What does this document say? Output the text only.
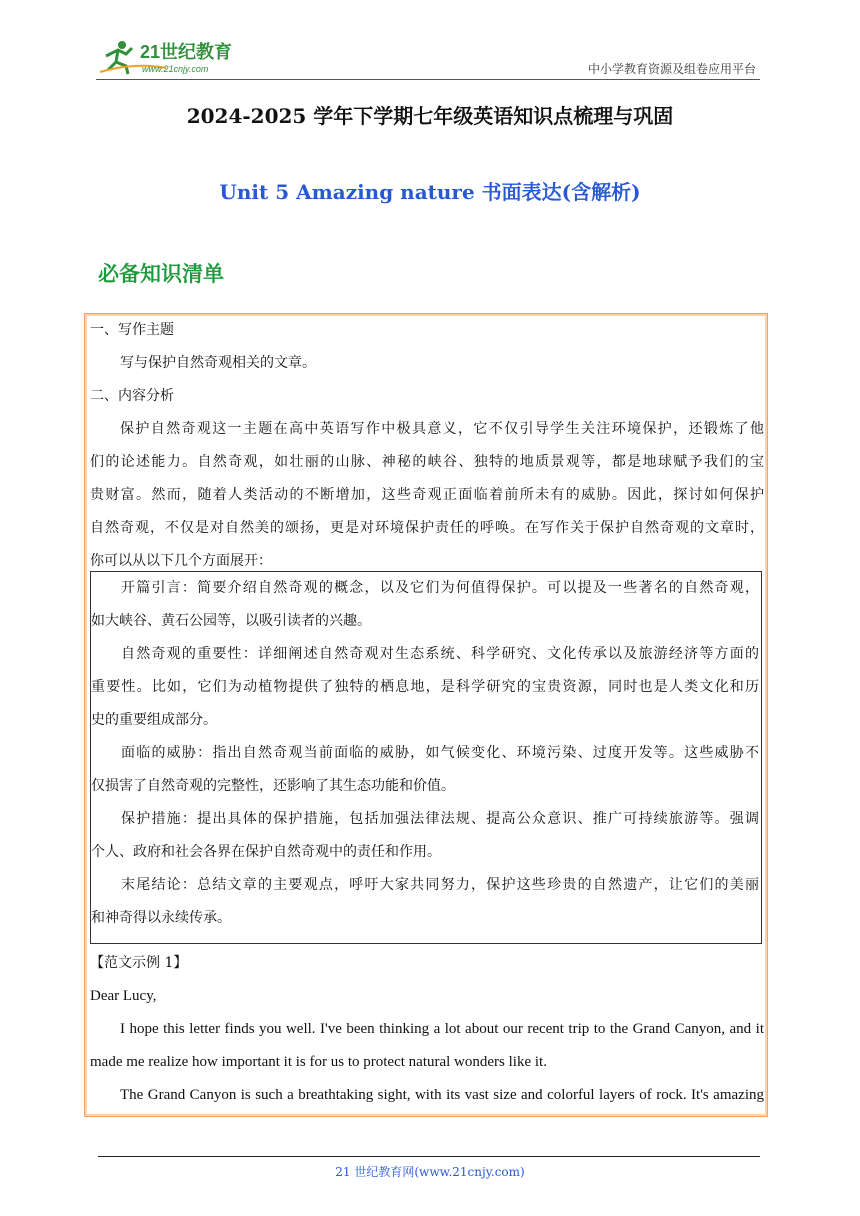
21世纪教育
www.21cnjy.com	中小学教育资源及组卷应用平台
2024-2025 学年下学期七年级英语知识点梳理与巩固
Unit 5 Amazing nature 书面表达(含解析)
必备知识清单
一、写作主题
写与保护自然奇观相关的文章。
二、内容分析
保护自然奇观这一主题在高中英语写作中极具意义，它不仅引导学生关注环境保护，还锻炼了他
们的论述能力。自然奇观，如壮丽的山脉、神秘的峡谷、独特的地质景观等，都是地球赋予我们的宝
贵财富。然而，随着人类活动的不断增加，这些奇观正面临着前所未有的威胁。因此，探讨如何保护
自然奇观，不仅是对自然美的颂扬，更是对环境保护责任的呼唤。在写作关于保护自然奇观的文章时，
你可以从以下几个方面展开：
开篇引言：简要介绍自然奇观的概念，以及它们为何值得保护。可以提及一些著名的自然奇观，
如大峡谷、黄石公园等，以吸引读者的兴趣。
自然奇观的重要性：详细阐述自然奇观对生态系统、科学研究、文化传承以及旅游经济等方面的
重要性。比如，它们为动植物提供了独特的栖息地，是科学研究的宝贵资源，同时也是人类文化和历
史的重要组成部分。
面临的威胁：指出自然奇观当前面临的威胁，如气候变化、环境污染、过度开发等。这些威胁不
仅损害了自然奇观的完整性，还影响了其生态功能和价值。
保护措施：提出具体的保护措施，包括加强法律法规、提高公众意识、推广可持续旅游等。强调
个人、政府和社会各界在保护自然奇观中的责任和作用。
末尾结论：总结文章的主要观点，呼吁大家共同努力，保护这些珍贵的自然遗产，让它们的美丽
和神奇得以永续传承。
【范文示例 1】
Dear Lucy,
I hope this letter finds you well. I've been thinking a lot about our recent trip to the Grand Canyon, and it
made me realize how important it is for us to protect natural wonders like it.
The Grand Canyon is such a breathtaking sight, with its vast size and colorful layers of rock. It's amazing
21 世纪教育网(www.21cnjy.com)
